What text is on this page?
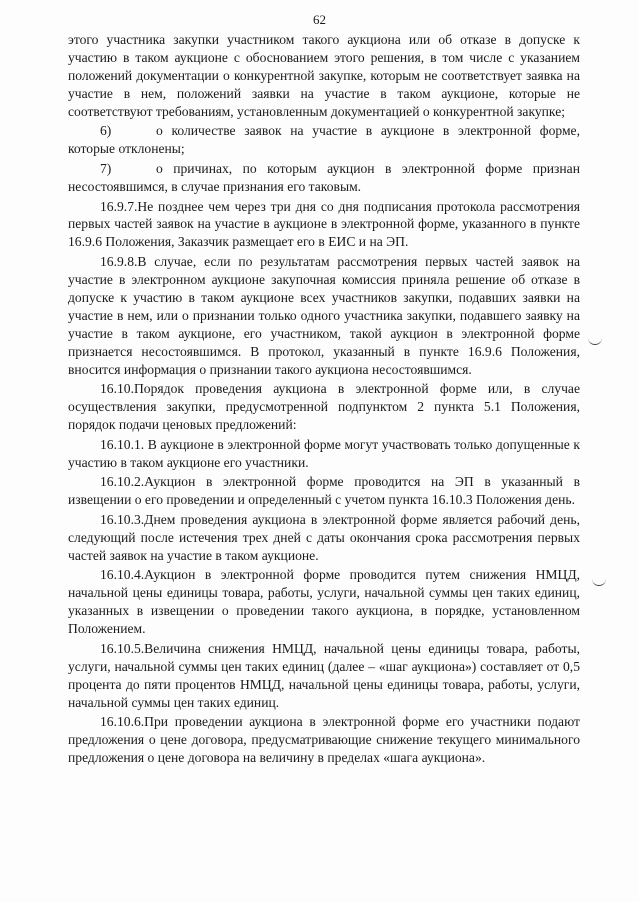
62

этого участника закупки участником такого аукциона или об отказе в допуске к участию в таком аукционе с обоснованием этого решения, в том числе с указанием положений документации о конкурентной закупке, которым не соответствует заявка на участие в нем, положений заявки на участие в таком аукционе, которые не соответствуют требованиям, установленным документацией о конкурентной закупке;

6)	о количестве заявок на участие в аукционе в электронной форме, которые отклонены;

7)	о причинах, по которым аукцион в электронной форме признан несостоявшимся, в случае признания его таковым.

16.9.7.Не позднее чем через три дня со дня подписания протокола рассмотрения первых частей заявок на участие в аукционе в электронной форме, указанного в пункте 16.9.6 Положения, Заказчик размещает его в ЕИС и на ЭП.

16.9.8.В случае, если по результатам рассмотрения первых частей заявок на участие в электронном аукционе закупочная комиссия приняла решение об отказе в допуске к участию в таком аукционе всех участников закупки, подавших заявки на участие в нем, или о признании только одного участника закупки, подавшего заявку на участие в таком аукционе, его участником, такой аукцион в электронной форме признается несостоявшимся. В протокол, указанный в пункте 16.9.6 Положения, вносится информация о признании такого аукциона несостоявшимся.

16.10.Порядок проведения аукциона в электронной форме или, в случае осуществления закупки, предусмотренной подпунктом 2 пункта 5.1 Положения, порядок подачи ценовых предложений:

16.10.1. В аукционе в электронной форме могут участвовать только допущенные к участию в таком аукционе его участники.

16.10.2.Аукцион в электронной форме проводится на ЭП в указанный в извещении о его проведении и определенный с учетом пункта 16.10.3 Положения день.

16.10.3.Днем проведения аукциона в электронной форме является рабочий день, следующий после истечения трех дней с даты окончания срока рассмотрения первых частей заявок на участие в таком аукционе.

16.10.4.Аукцион в электронной форме проводится путем снижения НМЦД, начальной цены единицы товара, работы, услуги, начальной суммы цен таких единиц, указанных в извещении о проведении такого аукциона, в порядке, установленном Положением.

16.10.5.Величина снижения НМЦД, начальной цены единицы товара, работы, услуги, начальной суммы цен таких единиц (далее – «шаг аукциона») составляет от 0,5 процента до пяти процентов НМЦД, начальной цены единицы товара, работы, услуги, начальной суммы цен таких единиц.

16.10.6.При проведении аукциона в электронной форме его участники подают предложения о цене договора, предусматривающие снижение текущего минимального предложения о цене договора на величину в пределах «шага аукциона».
